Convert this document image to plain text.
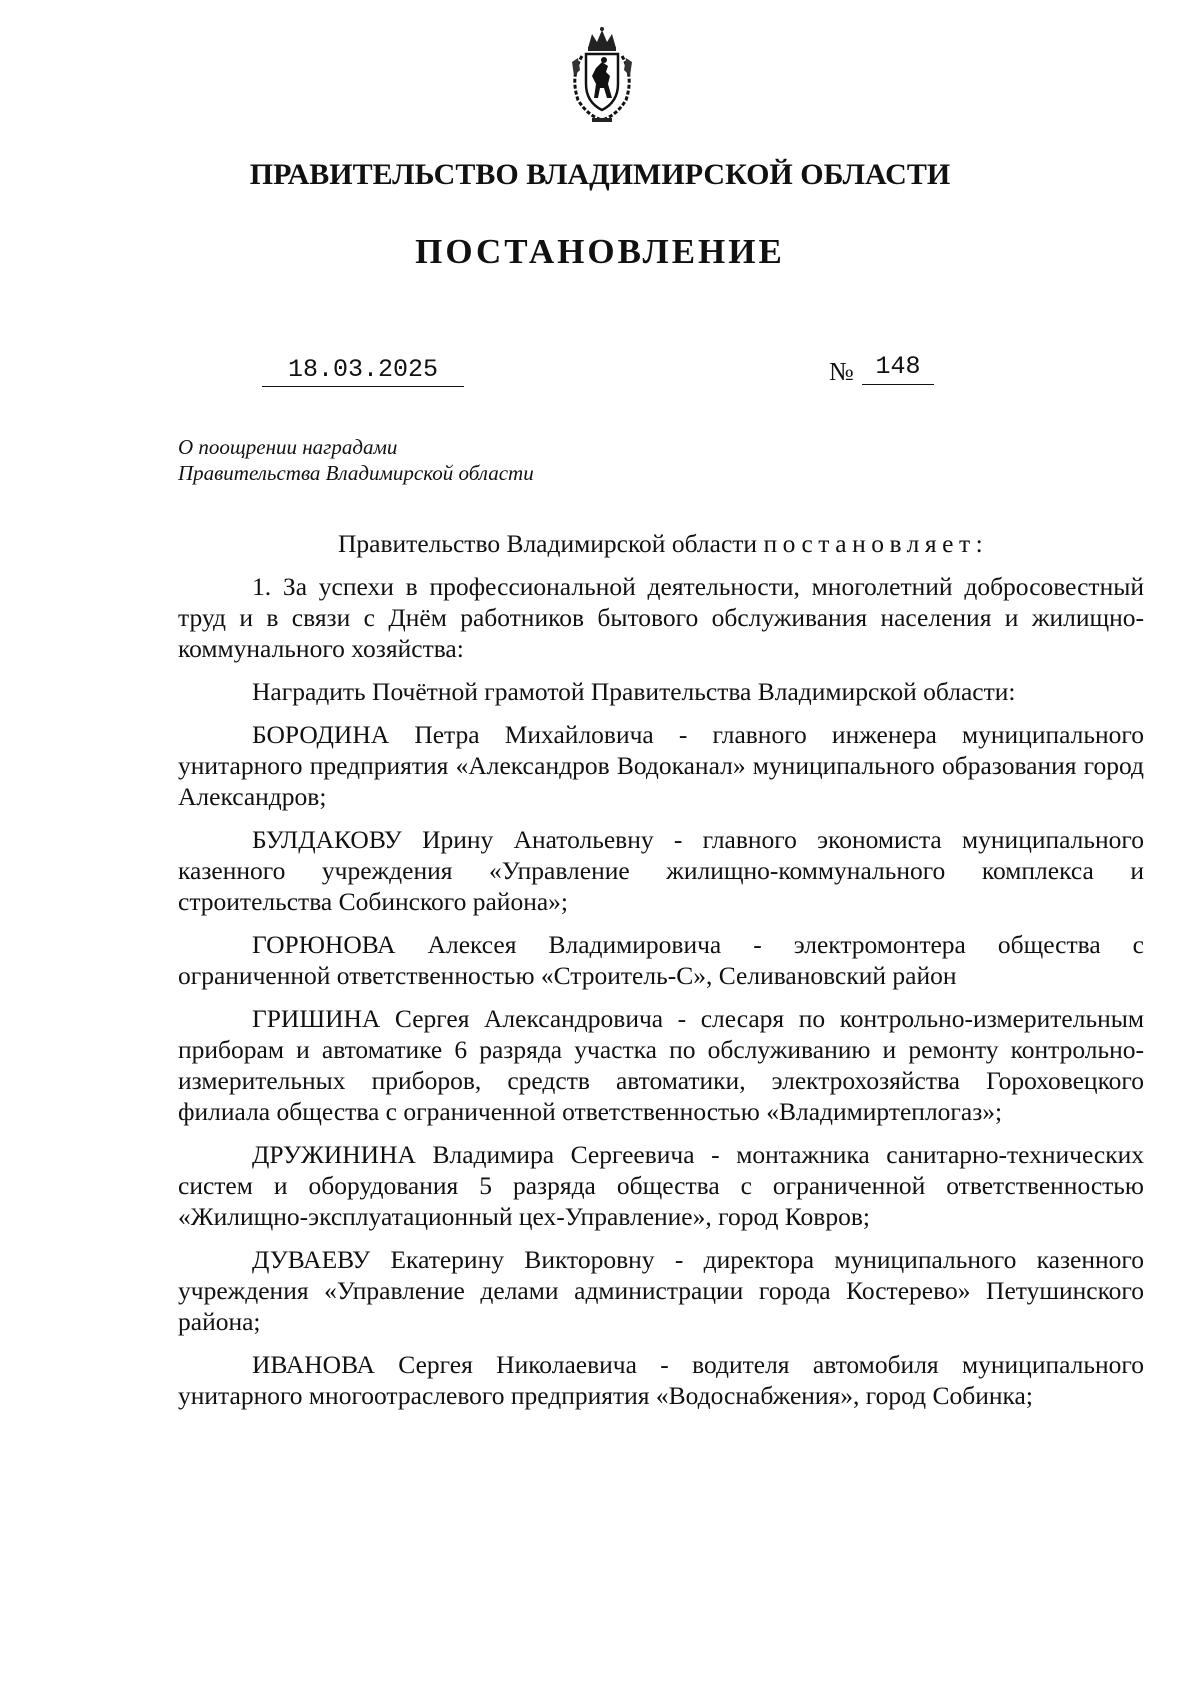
ПРАВИТЕЛЬСТВО ВЛАДИМИРСКОЙ ОБЛАСТИ
ПОСТАНОВЛЕНИЕ
18.03.2025	№ 148
О поощрении наградами
Правительства Владимирской области

Правительство Владимирской области постановляет:

1. За успехи в профессиональной деятельности, многолетний добросовестный труд и в связи с Днём работников бытового обслуживания населения и жилищно-коммунального хозяйства:

Наградить Почётной грамотой Правительства Владимирской области:

БОРОДИНА Петра Михайловича - главного инженера муниципального унитарного предприятия «Александров Водоканал» муниципального образования город Александров;

БУЛДАКОВУ Ирину Анатольевну - главного экономиста муниципального казенного учреждения «Управление жилищно-коммунального комплекса и строительства Собинского района»;

ГОРЮНОВА Алексея Владимировича - электромонтера общества с ограниченной ответственностью «Строитель-С», Селивановский район

ГРИШИНА Сергея Александровича - слесаря по контрольно-измерительным приборам и автоматике 6 разряда участка по обслуживанию и ремонту контрольно-измерительных приборов, средств автоматики, электрохозяйства Гороховецкого филиала общества с ограниченной ответственностью «Владимиртеплогаз»;

ДРУЖИНИНА Владимира Сергеевича - монтажника санитарно-технических систем и оборудования 5 разряда общества с ограниченной ответственностью «Жилищно-эксплуатационный цех-Управление», город Ковров;

ДУВАЕВУ Екатерину Викторовну - директора муниципального казенного учреждения «Управление делами администрации города Костерево» Петушинского района;

ИВАНОВА Сергея Николаевича - водителя автомобиля муниципального унитарного многоотраслевого предприятия «Водоснабжения», город Собинка;
